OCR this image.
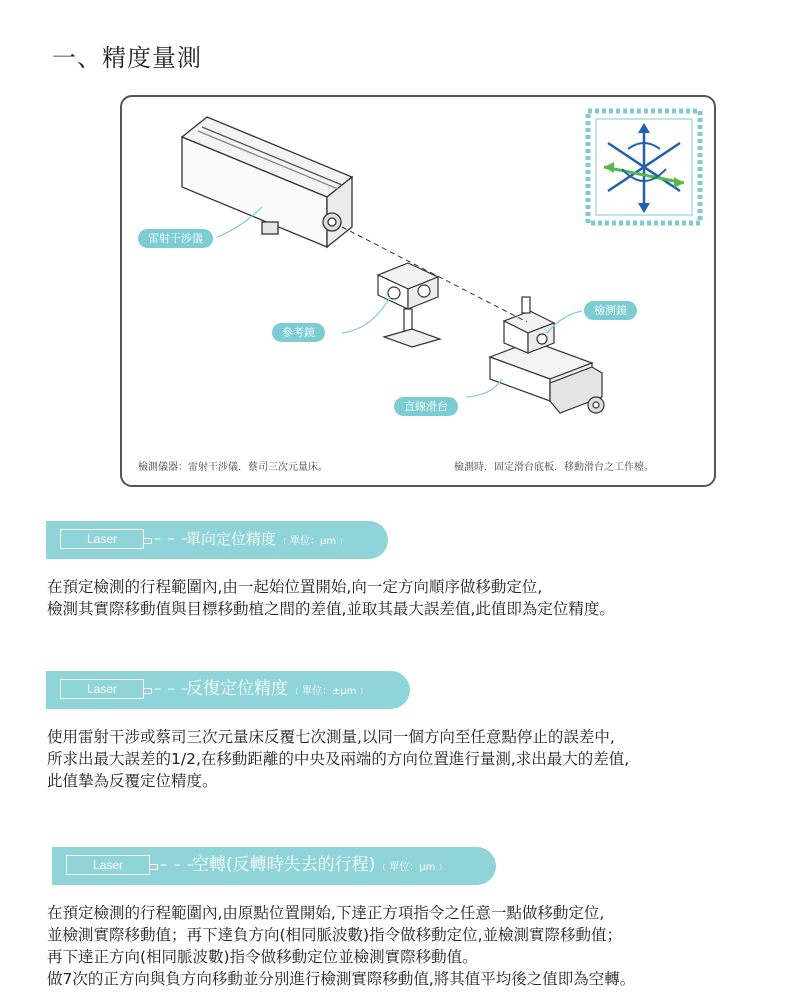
一、精度量測
雷射干涉儀
參考鏡
檢測鏡
直線滑台
檢測儀器：雷射干涉儀．蔡司三次元量床。	檢測時．固定滑台底板．移動滑台之工作檯。
Laser	– – –
單向定位精度 ﹝單位：μm﹞
在預定檢測的行程範圍內,由一起始位置開始,向一定方向順序做移動定位,
檢測其實際移動值與目標移動植之間的差值,並取其最大誤差值,此值即為定位精度。
Laser	– – –
反復定位精度 ﹝單位：±μm﹞
使用雷射干涉或蔡司三次元量床反覆七次測量,以同一個方向至任意點停止的誤差中,
所求出最大誤差的1/2,在移動距離的中央及兩端的方向位置進行量測,求出最大的差值,
此值摯為反覆定位精度。
Laser	– – –
空轉(反轉時失去的行程) ﹝單位：μm﹞
在預定檢測的行程範圍內,由原點位置開始,下達正方項指令之任意一點做移動定位,
並檢測實際移動值；再下達負方向(相同脈波數)指令做移動定位,並檢測實際移動值；
再下達正方向(相同脈波數)指令做移動定位並檢測實際移動值。
做7次的正方向與負方向移動並分別進行檢測實際移動值,將其值平均後之值即為空轉。
